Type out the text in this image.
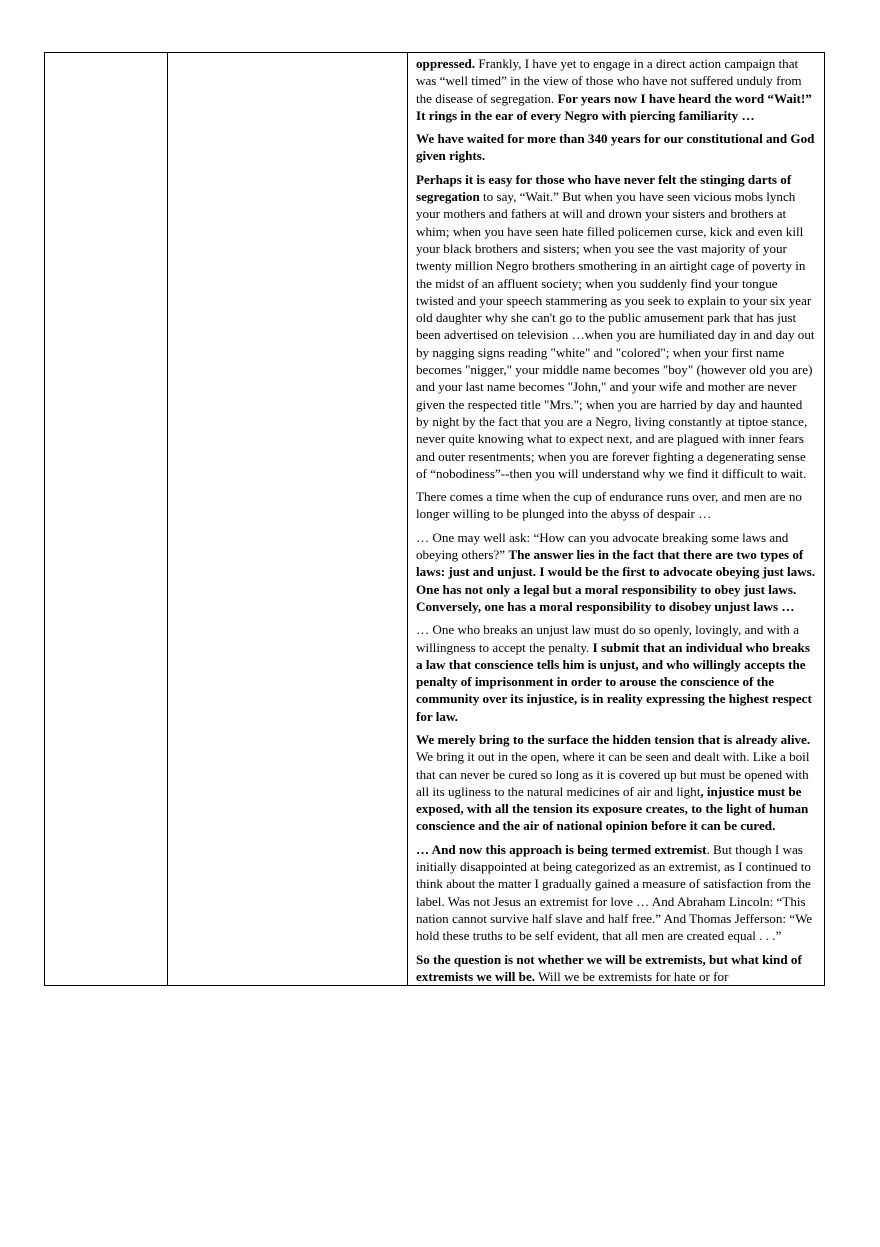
oppressed. Frankly, I have yet to engage in a direct action campaign that was “well timed” in the view of those who have not suffered unduly from the disease of segregation. For years now I have heard the word “Wait!” It rings in the ear of every Negro with piercing familiarity …

We have waited for more than 340 years for our constitutional and God given rights.

Perhaps it is easy for those who have never felt the stinging darts of segregation to say, “Wait.” But when you have seen vicious mobs lynch your mothers and fathers at will and drown your sisters and brothers at whim; when you have seen hate filled policemen curse, kick and even kill your black brothers and sisters; when you see the vast majority of your twenty million Negro brothers smothering in an airtight cage of poverty in the midst of an affluent society; when you suddenly find your tongue twisted and your speech stammering as you seek to explain to your six year old daughter why she can't go to the public amusement park that has just been advertised on television …when you are humiliated day in and day out by nagging signs reading "white" and "colored"; when your first name becomes "nigger," your middle name becomes "boy" (however old you are) and your last name becomes "John," and your wife and mother are never given the respected title "Mrs."; when you are harried by day and haunted by night by the fact that you are a Negro, living constantly at tiptoe stance, never quite knowing what to expect next, and are plagued with inner fears and outer resentments; when you are forever fighting a degenerating sense of “nobodiness”--then you will understand why we find it difficult to wait.

There comes a time when the cup of endurance runs over, and men are no longer willing to be plunged into the abyss of despair …

… One may well ask: “How can you advocate breaking some laws and obeying others?” The answer lies in the fact that there are two types of laws: just and unjust. I would be the first to advocate obeying just laws. One has not only a legal but a moral responsibility to obey just laws. Conversely, one has a moral responsibility to disobey unjust laws …

… One who breaks an unjust law must do so openly, lovingly, and with a willingness to accept the penalty. I submit that an individual who breaks a law that conscience tells him is unjust, and who willingly accepts the penalty of imprisonment in order to arouse the conscience of the community over its injustice, is in reality expressing the highest respect for law.

We merely bring to the surface the hidden tension that is already alive. We bring it out in the open, where it can be seen and dealt with. Like a boil that can never be cured so long as it is covered up but must be opened with all its ugliness to the natural medicines of air and light, injustice must be exposed, with all the tension its exposure creates, to the light of human conscience and the air of national opinion before it can be cured.

… And now this approach is being termed extremist. But though I was initially disappointed at being categorized as an extremist, as I continued to think about the matter I gradually gained a measure of satisfaction from the label. Was not Jesus an extremist for love … And Abraham Lincoln: “This nation cannot survive half slave and half free.” And Thomas Jefferson: “We hold these truths to be self evident, that all men are created equal . . .”

So the question is not whether we will be extremists, but what kind of extremists we will be. Will we be extremists for hate or for
